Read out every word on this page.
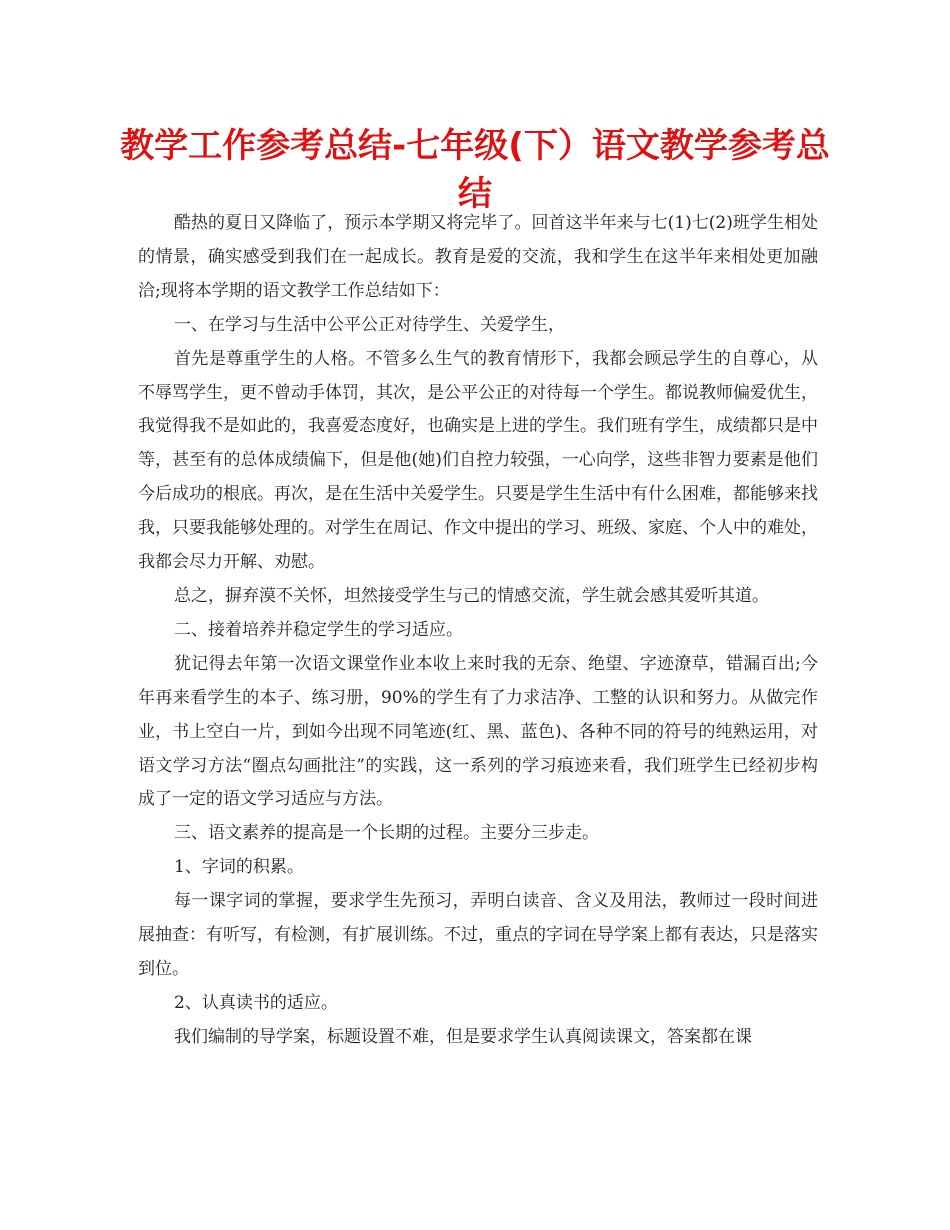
教学工作参考总结-七年级(下）语文教学参考总结

酷热的夏日又降临了，预示本学期又将完毕了。回首这半年来与七(1)七(2)班学生相处的情景，确实感受到我们在一起成长。教育是爱的交流，我和学生在这半年来相处更加融洽;现将本学期的语文教学工作总结如下：

一、在学习与生活中公平公正对待学生、关爱学生，

首先是尊重学生的人格。不管多么生气的教育情形下，我都会顾忌学生的自尊心，从不辱骂学生，更不曾动手体罚，其次，是公平公正的对待每一个学生。都说教师偏爱优生，我觉得我不是如此的，我喜爱态度好，也确实是上进的学生。我们班有学生，成绩都只是中等，甚至有的总体成绩偏下，但是他(她)们自控力较强，一心向学，这些非智力要素是他们今后成功的根底。再次，是在生活中关爱学生。只要是学生生活中有什么困难，都能够来找我，只要我能够处理的。对学生在周记、作文中提出的学习、班级、家庭、个人中的难处，我都会尽力开解、劝慰。

总之，摒弃漠不关怀，坦然接受学生与己的情感交流，学生就会感其爱听其道。

二、接着培养并稳定学生的学习适应。

犹记得去年第一次语文课堂作业本收上来时我的无奈、绝望、字迹潦草，错漏百出;今年再来看学生的本子、练习册，90%的学生有了力求洁净、工整的认识和努力。从做完作业，书上空白一片，到如今出现不同笔迹(红、黑、蓝色)、各种不同的符号的纯熟运用，对语文学习方法“圈点勾画批注”的实践，这一系列的学习痕迹来看，我们班学生已经初步构成了一定的语文学习适应与方法。

三、语文素养的提高是一个长期的过程。主要分三步走。

1、字词的积累。

每一课字词的掌握，要求学生先预习，弄明白读音、含义及用法，教师过一段时间进展抽查：有听写，有检测，有扩展训练。不过，重点的字词在导学案上都有表达，只是落实到位。

2、认真读书的适应。

我们编制的导学案，标题设置不难，但是要求学生认真阅读课文，答案都在课
